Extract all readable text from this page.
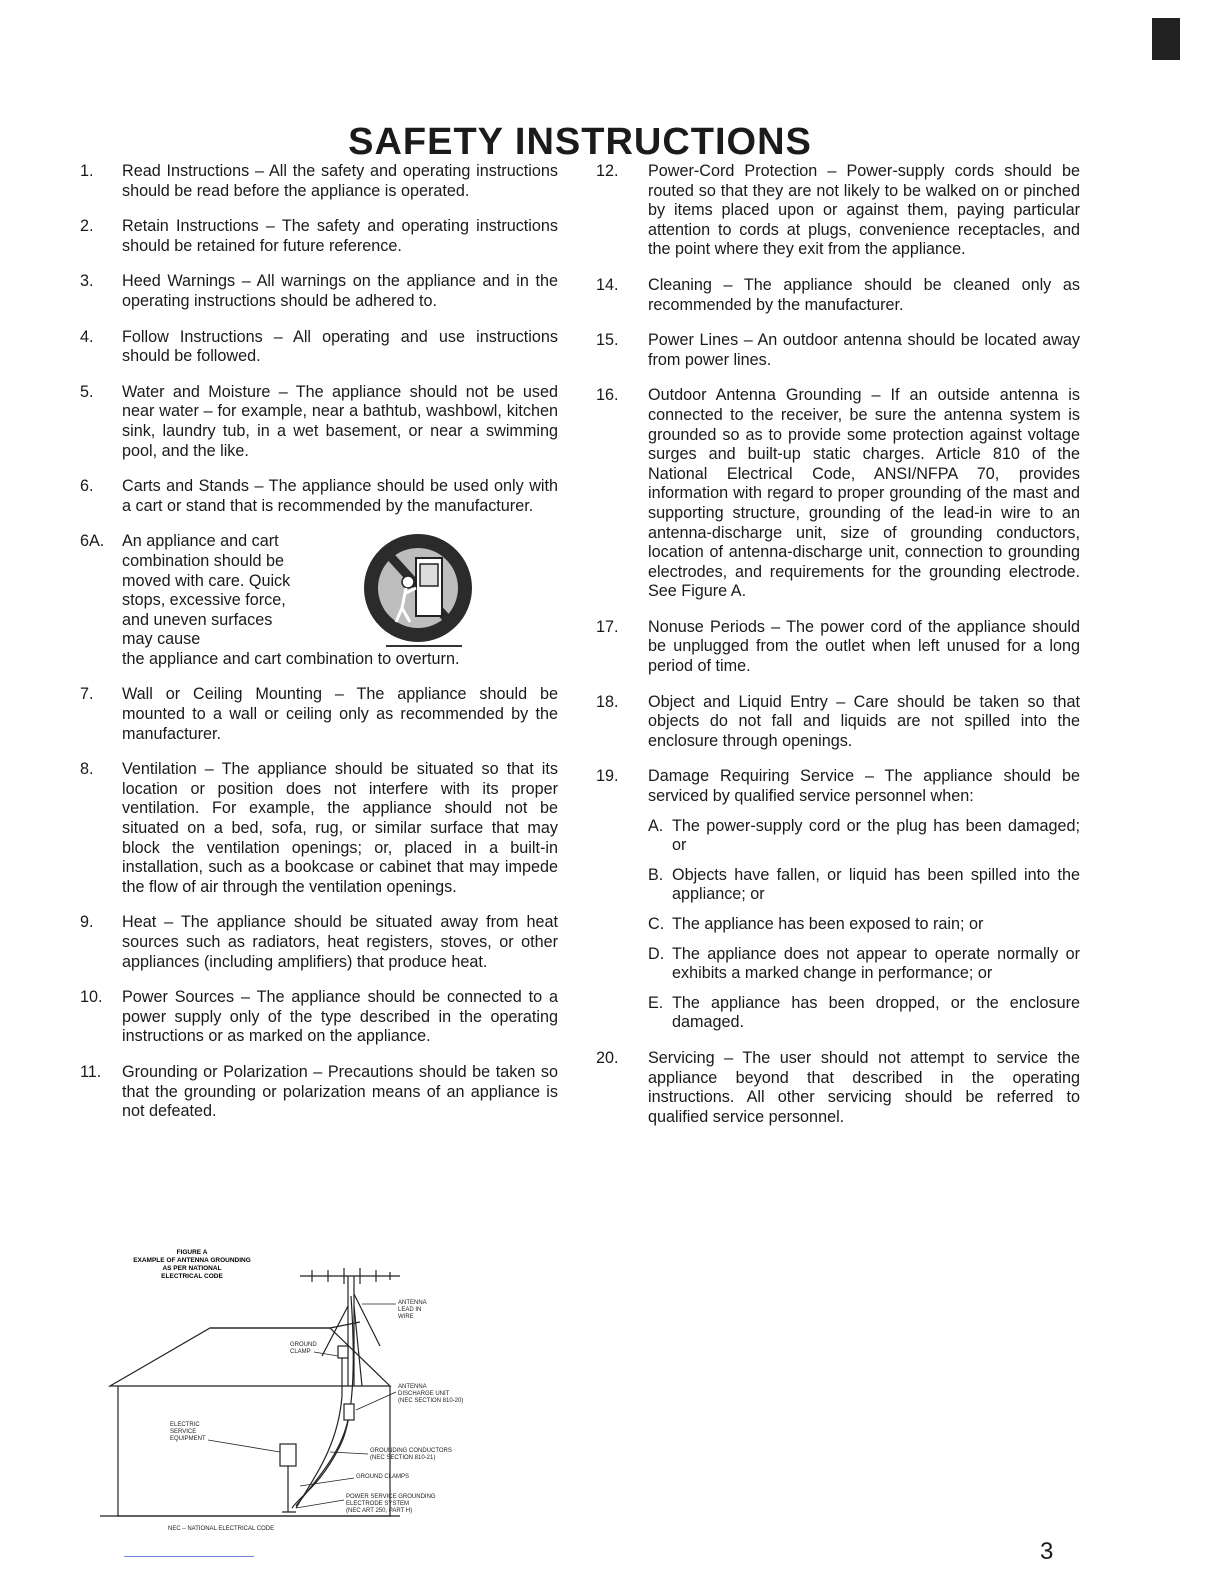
SAFETY INSTRUCTIONS
1.	Read Instructions – All the safety and operating instructions should be read before the appliance is operated.
2.	Retain Instructions – The safety and operating instructions should be retained for future reference.
3.	Heed Warnings – All warnings on the appliance and in the operating instructions should be adhered to.
4.	Follow Instructions – All operating and use instructions should be followed.
5.	Water and Moisture – The appliance should not be used near water – for example, near a bathtub, washbowl, kitchen sink, laundry tub, in a wet basement, or near a swimming pool, and the like.
6.	Carts and Stands – The appliance should be used only with a cart or stand that is recommended by the manufacturer.
6A.	An appliance and cart combination should be moved with care. Quick stops, excessive force, and uneven surfaces may cause
the appliance and cart combination to overturn.
7.	Wall or Ceiling Mounting – The appliance should be mounted to a wall or ceiling only as recommended by the manufacturer.
8.	Ventilation – The appliance should be situated so that its location or position does not interfere with its proper ventilation. For example, the appliance should not be situated on a bed, sofa, rug, or similar surface that may block the ventilation openings; or, placed in a built-in installation, such as a bookcase or cabinet that may impede the flow of air through the ventilation openings.
9.	Heat – The appliance should be situated away from heat sources such as radiators, heat registers, stoves, or other appliances (including amplifiers) that produce heat.
10.	Power Sources – The appliance should be connected to a power supply only of the type described in the operating instructions or as marked on the appliance.
11.	Grounding or Polarization – Precautions should be taken so that the grounding or polarization means of an appliance is not defeated.
12.	Power-Cord Protection – Power-supply cords should be routed so that they are not likely to be walked on or pinched by items placed upon or against them, paying particular attention to cords at plugs, convenience receptacles, and the point where they exit from the appliance.
14.	Cleaning – The appliance should be cleaned only as recommended by the manufacturer.
15.	Power Lines – An outdoor antenna should be located away from power lines.
16.	Outdoor Antenna Grounding – If an outside antenna is connected to the receiver, be sure the antenna system is grounded so as to provide some protection against voltage surges and built-up static charges. Article 810 of the National Electrical Code, ANSI/NFPA 70, provides information with regard to proper grounding of the mast and supporting structure, grounding of the lead-in wire to an antenna-discharge unit, size of grounding conductors, location of antenna-discharge unit, connection to grounding electrodes, and requirements for the grounding electrode. See Figure A.
17.	Nonuse Periods – The power cord of the appliance should be unplugged from the outlet when left unused for a long period of time.
18.	Object and Liquid Entry – Care should be taken so that objects do not fall and liquids are not spilled into the enclosure through openings.
19.	Damage Requiring Service – The appliance should be serviced by qualified service personnel when:
A. The power-supply cord or the plug has been damaged; or
B. Objects have fallen, or liquid has been spilled into the appliance; or
C. The appliance has been exposed to rain; or
D. The appliance does not appear to operate normally or exhibits a marked change in performance; or
E. The appliance has been dropped, or the enclosure damaged.
20.	Servicing – The user should not attempt to service the appliance beyond that described in the operating instructions. All other servicing should be referred to qualified service personnel.
FIGURE A
EXAMPLE OF ANTENNA GROUNDING
AS PER NATIONAL
ELECTRICAL CODE
ANTENNA
LEAD IN
WIRE
GROUND
CLAMP
ANTENNA
DISCHARGE UNIT
(NEC SECTION 810-20)
ELECTRIC
SERVICE
EQUIPMENT
GROUNDING CONDUCTORS
(NEC SECTION 810-21)
GROUND CLAMPS
POWER SERVICE GROUNDING
ELECTRODE SYSTEM
(NEC ART 250, PART H)
NEC – NATIONAL ELECTRICAL CODE
3
